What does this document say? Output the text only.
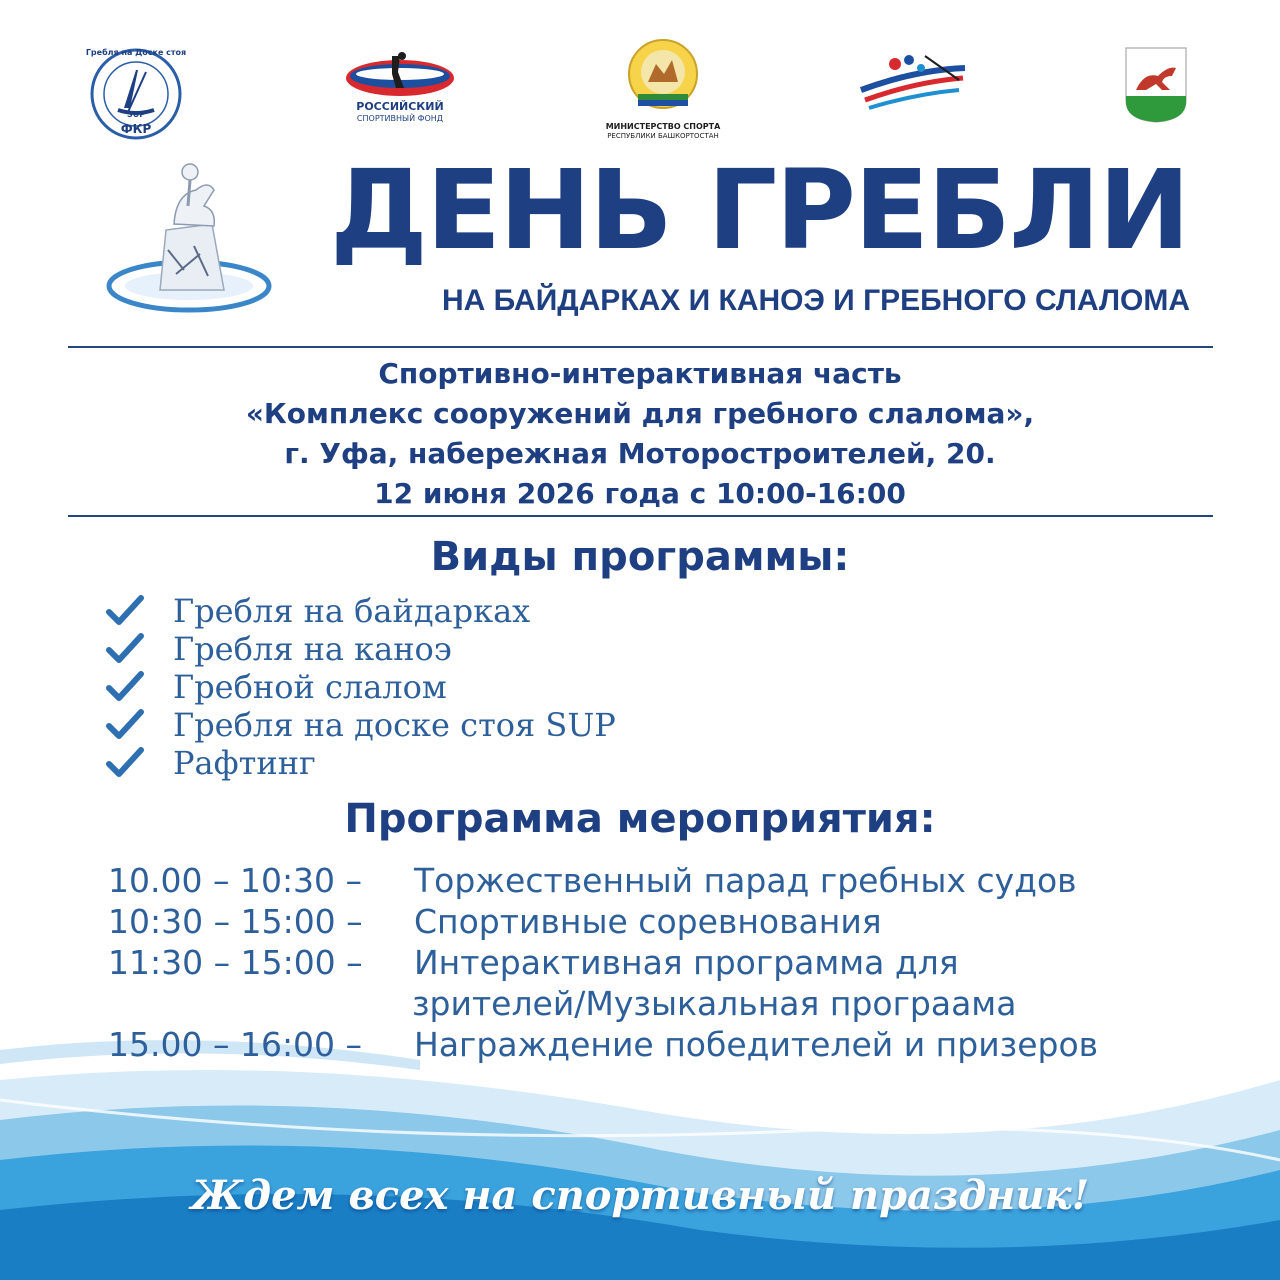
Гребля на Доске стоя
SUP
ФКР
РОССИЙСКИЙ
СПОРТИВНЫЙ ФОНД
МИНИСТЕРСТВО СПОРТА
РЕСПУБЛИКИ БАШКОРТОСТАН
ДЕНЬ ГРЕБЛИ
НА БАЙДАРКАХ И КАНОЭ И ГРЕБНОГО СЛАЛОМА
Спортивно-интерактивная часть
«Комплекс сооружений для гребного слалома»,
г. Уфа, набережная Моторостроителей, 20.
12 июня 2026 года с 10:00-16:00
Виды программы:
Гребля на байдарках
Гребля на каноэ
Гребной слалом
Гребля на доске стоя SUP
Рафтинг
Программа мероприятия:
10.00 – 10:30 – Торжественный парад гребных судов
10:30 – 15:00 – Спортивные соревнования
11:30 – 15:00 – Интерактивная программа для
зрителей/Музыкальная програама
15.00 – 16:00 – Награждение победителей и призеров
Ждем всех на спортивный праздник!
